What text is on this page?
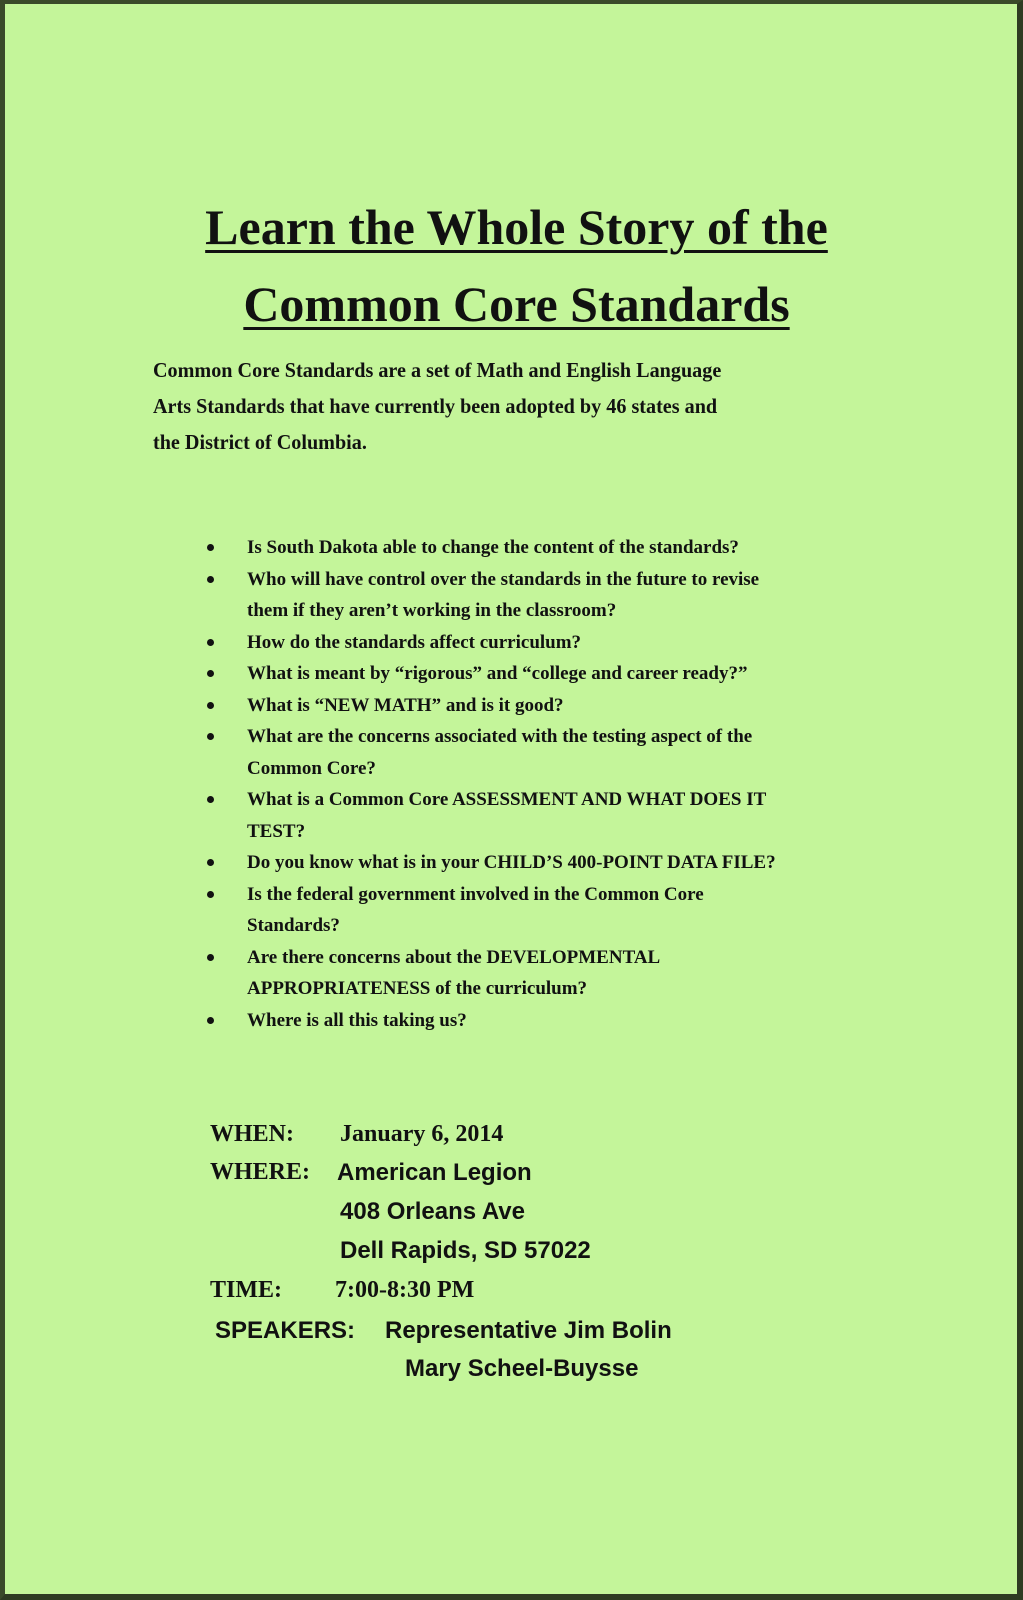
Learn the Whole Story of the
Common Core Standards
Common Core Standards are a set of Math and English Language
Arts Standards that have currently been adopted by 46 states and
the District of Columbia.
Is South Dakota able to change the content of the standards?
Who will have control over the standards in the future to revise
them if they aren’t working in the classroom?
How do the standards affect curriculum?
What is meant by “rigorous” and “college and career ready?”
What is “NEW MATH” and is it good?
What are the concerns associated with the testing aspect of the
Common Core?
What is a Common Core ASSESSMENT AND WHAT DOES IT
TEST?
Do you know what is in your CHILD’S 400-POINT DATA FILE?
Is the federal government involved in the Common Core
Standards?
Are there concerns about the DEVELOPMENTAL
APPROPRIATENESS of the curriculum?
Where is all this taking us?
WHEN: January 6, 2014
WHERE: American Legion
408 Orleans Ave
Dell Rapids, SD 57022
TIME: 7:00-8:30 PM
SPEAKERS: Representative Jim Bolin
Mary Scheel-Buysse
